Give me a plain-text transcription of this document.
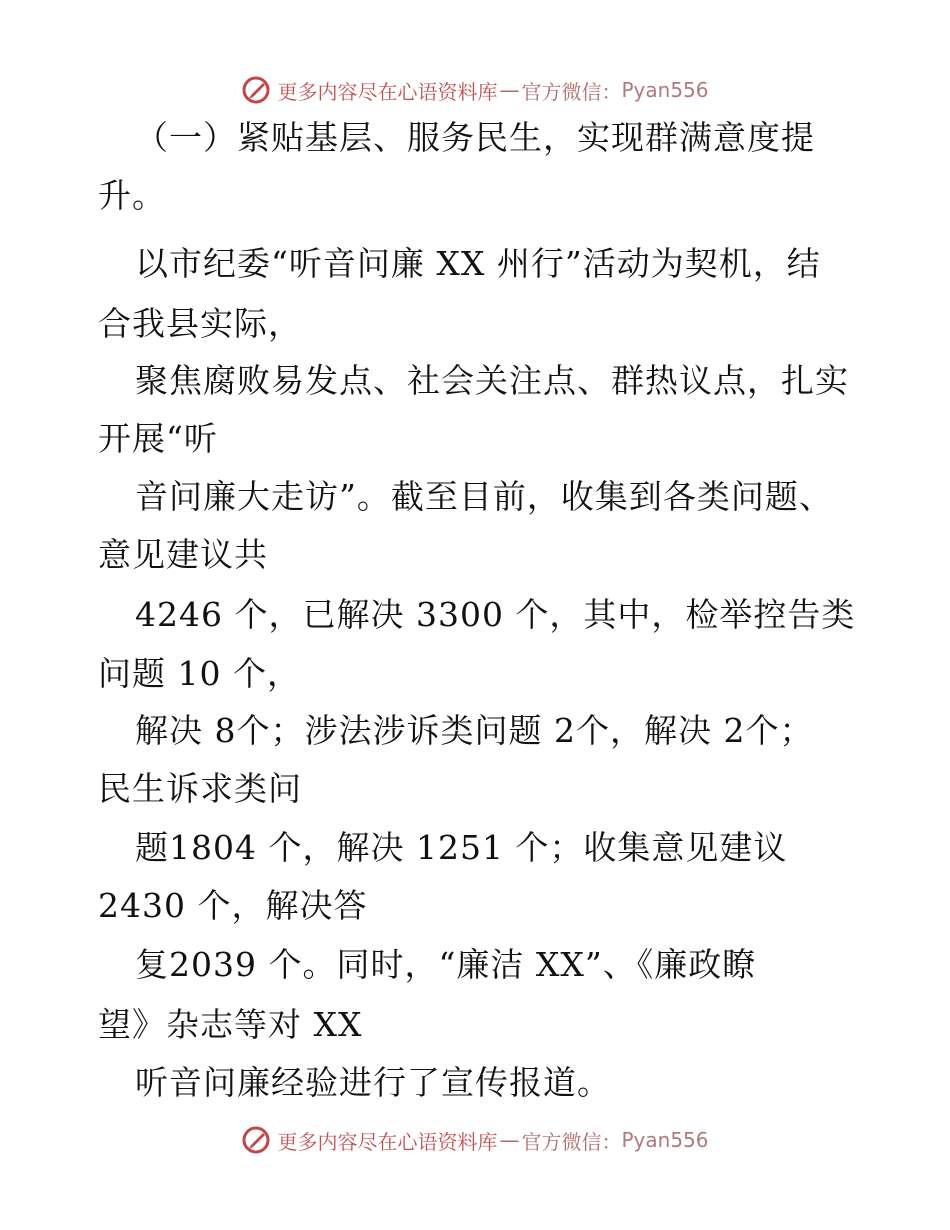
更多内容尽在心语资料库 — 官方微信： Pyan556
（一）紧贴基层、服务民生，实现群满意度提
升。
以市纪委“听音问廉 XX 州行”活动为契机，结
合我县实际，
聚焦腐败易发点、社会关注点、群热议点，扎实
开展“听
音问廉大走访”。截至目前，收集到各类问题、
意见建议共
4246 个，已解决 3300 个，其中，检举控告类
问题 10 个，
解决 8个；涉法涉诉类问题 2个，解决 2个；
民生诉求类问
题1804 个，解决 1251 个；收集意见建议
2430 个，解决答
复2039 个。同时，“廉洁 XX”、《廉政瞭
望》杂志等对 XX
听音问廉经验进行了宣传报道。
更多内容尽在心语资料库 — 官方微信： Pyan556
